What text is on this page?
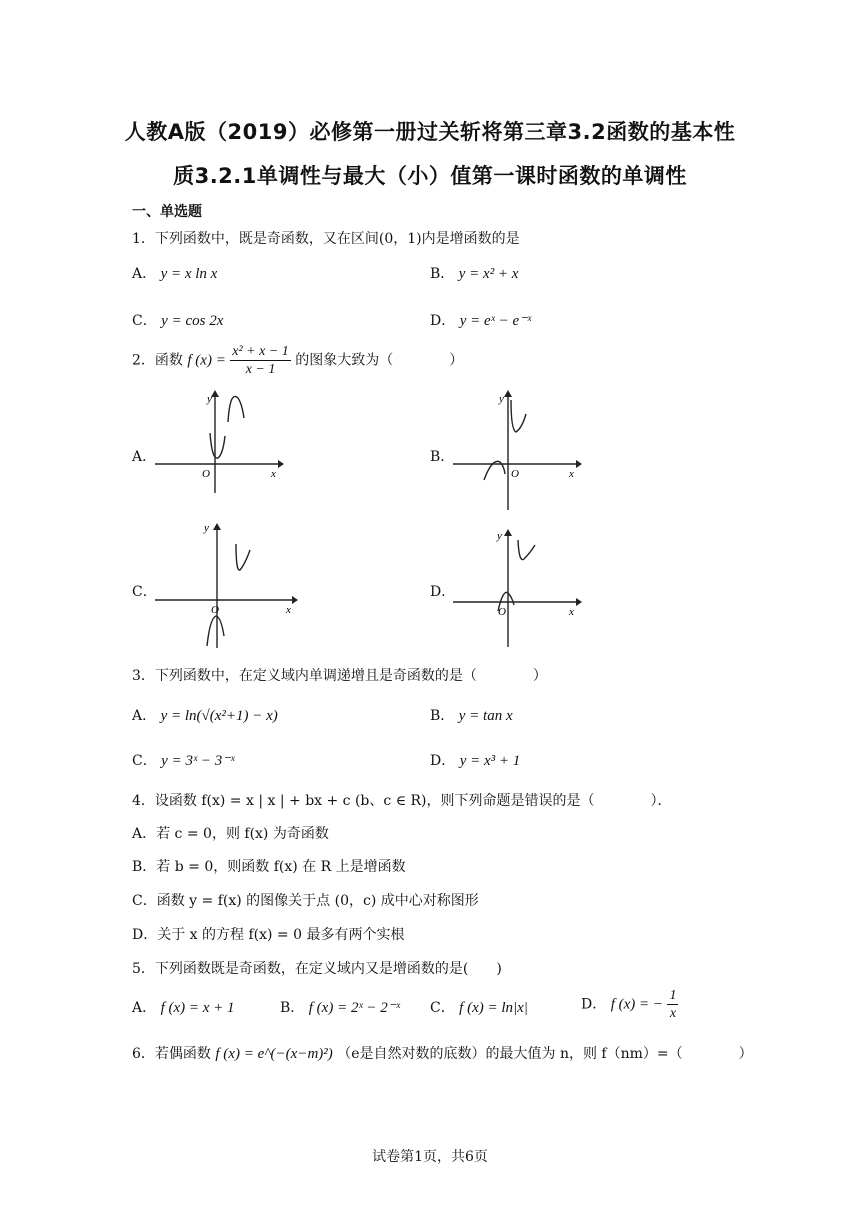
人教A版（2019）必修第一册过关斩将第三章3.2函数的基本性
质3.2.1单调性与最大（小）值第一课时函数的单调性
一、单选题
1．下列函数中，既是奇函数，又在区间(0，1)内是增函数的是
A． y = x ln x	B． y = x² + x
C． y = cos 2x	D． y = eˣ − e⁻ˣ
2．函数 f $(x) = \frac{\text{x² + x − 1}}{x - 1}$ 的图象大致为（　　　　）
A．
y
x
O
B．
y
x
O
C．
y
x
O
D．
y
x
O
3．下列函数中，在定义域内单调递增且是奇函数的是（　　　　）
A． y = ln(√(x²+1) − x)	B． y = tan x
C． y = 3ˣ − 3⁻ˣ	D． y = x³ + 1
4．设函数 f(x) = x | x | + bx + c (b、c ∈ R)，则下列命题是错误的是（　　　　）．
A．若 c = 0，则 f(x) 为奇函数
B．若 b = 0，则函数 f(x) 在 R 上是增函数
C．函数 y = f(x) 的图像关于点 (0，c) 成中心对称图形
D．关于 x 的方程 f(x) = 0 最多有两个实根
5．下列函数既是奇函数，在定义域内又是增函数的是(　　)
A． f (x) = x + 1	B． f (x) = 2ˣ − 2⁻ˣ C． f (x) = ln|x|	D． f (x) = − $\frac{1}{x}$
6．若偶函数 f (x) = e^(−(x−m)²) （e是自然对数的底数）的最大值为 n，则 f（nm）=（　　　　）
试卷第1页，共6页
